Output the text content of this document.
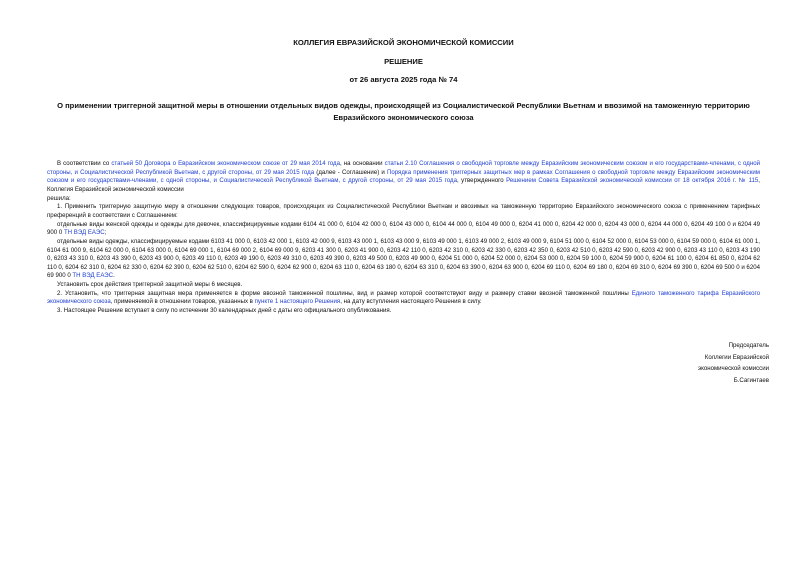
КОЛЛЕГИЯ ЕВРАЗИЙСКОЙ ЭКОНОМИЧЕСКОЙ КОМИССИИ
РЕШЕНИЕ
от 26 августа 2025 года № 74
О применении триггерной защитной меры в отношении отдельных видов одежды, происходящей из Социалистической Республики Вьетнам и ввозимой на таможенную территорию Евразийского экономического союза

В соответствии со статьей 50 Договора о Евразийском экономическом союзе от 29 мая 2014 года, на основании статьи 2.10 Соглашения о свободной торговле между Евразийским экономическим союзом и его государствами-членами, с одной стороны, и Социалистической Республикой Вьетнам, с другой стороны, от 29 мая 2015 года (далее - Соглашение) и Порядка применения триггерных защитных мер в рамках Соглашения о свободной торговле между Евразийским экономическим союзом и его государствами-членами, с одной стороны, и Социалистической Республикой Вьетнам, с другой стороны, от 29 мая 2015 года, утвержденного Решением Совета Евразийской экономической комиссии от 18 октября 2016 г. № 115, Коллегия Евразийской экономической комиссии

решила:

1. Применить триггерную защитную меру в отношении следующих товаров, происходящих из Социалистической Республики Вьетнам и ввозимых на таможенную территорию Евразийского экономического союза с применением тарифных преференций в соответствии с Соглашением:

отдельные виды женской одежды и одежды для девочек, классифицируемые кодами 6104 41 000 0, 6104 42 000 0, 6104 43 000 0, 6104 44 000 0, 6104 49 000 0, 6204 41 000 0, 6204 42 000 0, 6204 43 000 0, 6204 44 000 0, 6204 49 100 0 и 6204 49 900 0 ТН ВЭД ЕАЭС;

отдельные виды одежды, классифицируемые кодами 6103 41 000 0, 6103 42 000 1, 6103 42 000 9, 6103 43 000 1, 6103 43 000 9, 6103 49 000 1, 6103 49 000 2, 6103 49 000 9, 6104 51 000 0, 6104 52 000 0, 6104 53 000 0, 6104 59 000 0, 6104 61 000 1, 6104 61 000 9, 6104 62 000 0, 6104 63 000 0, 6104 69 000 1, 6104 69 000 2, 6104 69 000 9, 6203 41 300 0, 6203 41 900 0, 6203 42 110 0, 6203 42 310 0, 6203 42 330 0, 6203 42 350 0, 6203 42 510 0, 6203 42 590 0, 6203 42 900 0, 6203 43 110 0, 6203 43 190 0, 6203 43 310 0, 6203 43 390 0, 6203 43 900 0, 6203 49 110 0, 6203 49 190 0, 6203 49 310 0, 6203 49 390 0, 6203 49 500 0, 6203 49 900 0, 6204 51 000 0, 6204 52 000 0, 6204 53 000 0, 6204 59 100 0, 6204 59 900 0, 6204 61 100 0, 6204 61 850 0, 6204 62 110 0, 6204 62 310 0, 6204 62 330 0, 6204 62 390 0, 6204 62 510 0, 6204 62 590 0, 6204 62 900 0, 6204 63 110 0, 6204 63 180 0, 6204 63 310 0, 6204 63 390 0, 6204 63 900 0, 6204 69 110 0, 6204 69 180 0, 6204 69 310 0, 6204 69 390 0, 6204 69 500 0 и 6204 69 900 0 ТН ВЭД ЕАЭС.

Установить срок действия триггерной защитной меры 6 месяцев.

2. Установить, что триггерная защитная мера применяется в форме ввозной таможенной пошлины, вид и размер которой соответствуют виду и размеру ставки ввозной таможенной пошлины Единого таможенного тарифа Евразийского экономического союза, применяемой в отношении товаров, указанных в пункте 1 настоящего Решения, на дату вступления настоящего Решения в силу.

3. Настоящее Решение вступает в силу по истечении 30 календарных дней с даты его официального опубликования.

Председатель
Коллегии Евразийской
экономической комиссии
Б.Сагинтаев
